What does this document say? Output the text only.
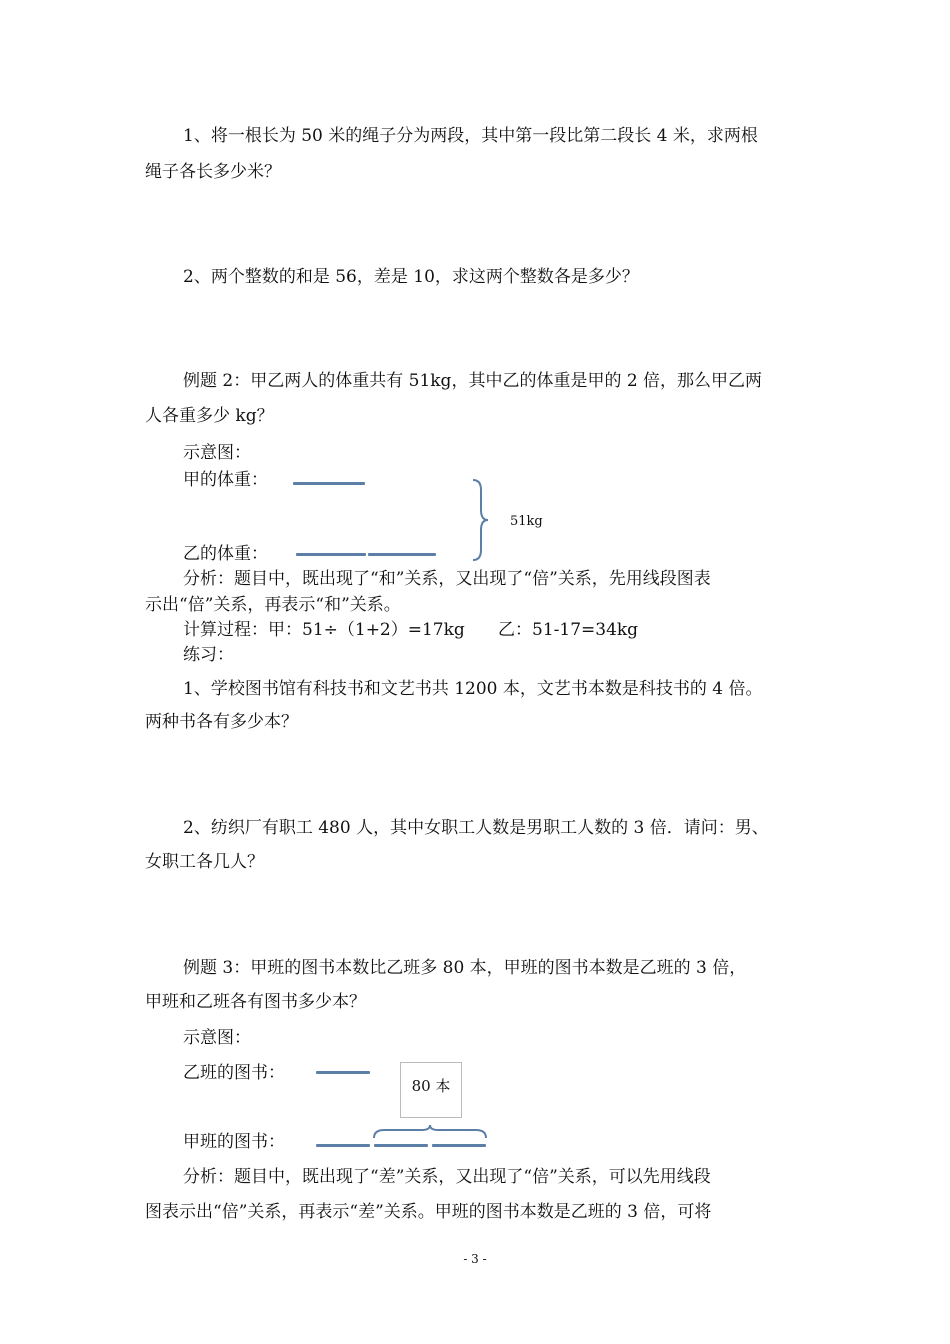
1、将一根长为 50 米的绳子分为两段，其中第一段比第二段长 4 米，求两根
绳子各长多少米？
2、两个整数的和是 56，差是 10，求这两个整数各是多少？
例题 2：甲乙两人的体重共有 51kg，其中乙的体重是甲的 2 倍，那么甲乙两
人各重多少 kg？
示意图：
甲的体重：
乙的体重：
51kg
分析：题目中，既出现了“和”关系，又出现了“倍”关系，先用线段图表
示出“倍”关系，再表示“和”关系。
计算过程：甲：51÷（1+2）=17kg 乙：51-17=34kg
练习：
1、学校图书馆有科技书和文艺书共 1200 本，文艺书本数是科技书的 4 倍。
两种书各有多少本？
2、纺织厂有职工 480 人，其中女职工人数是男职工人数的 3 倍．请问：男、
女职工各几人？
例题 3：甲班的图书本数比乙班多 80 本，甲班的图书本数是乙班的 3 倍，
甲班和乙班各有图书多少本？
示意图：
乙班的图书：
80 本
甲班的图书：
分析：题目中，既出现了“差”关系，又出现了“倍”关系，可以先用线段
图表示出“倍”关系，再表示“差”关系。甲班的图书本数是乙班的 3 倍，可将
- 3 -
